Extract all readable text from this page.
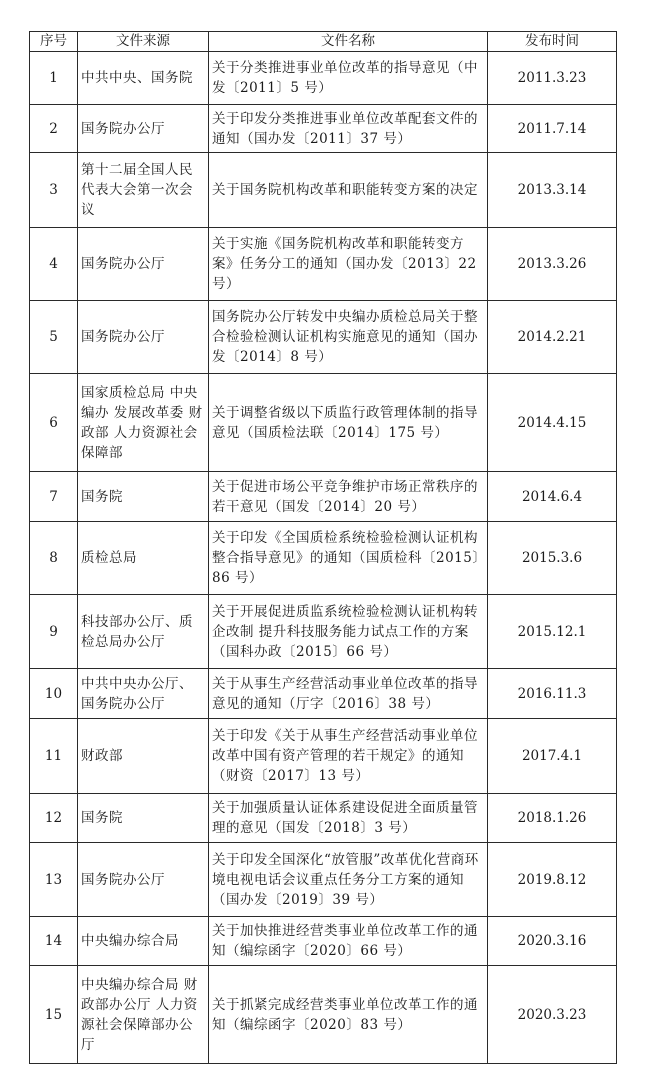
序号	文件来源	文件名称	发布时间
1	中共中央、国务院	关于分类推进事业单位改革的指导意见（中发〔2011〕5 号）	2011.3.23
2	国务院办公厅	关于印发分类推进事业单位改革配套文件的通知（国办发〔2011〕37 号）	2011.7.14
3	第十二届全国人民代表大会第一次会议	关于国务院机构改革和职能转变方案的决定	2013.3.14
4	国务院办公厅	关于实施《国务院机构改革和职能转变方案》任务分工的通知（国办发〔2013〕22 号）	2013.3.26
5	国务院办公厅	国务院办公厅转发中央编办质检总局关于整合检验检测认证机构实施意见的通知（国办发〔2014〕8 号）	2014.2.21
6	国家质检总局 中央编办 发展改革委 财政部 人力资源社会保障部	关于调整省级以下质监行政管理体制的指导意见（国质检法联〔2014〕175 号）	2014.4.15
7	国务院	关于促进市场公平竞争维护市场正常秩序的若干意见（国发〔2014〕20 号）	2014.6.4
8	质检总局	关于印发《全国质检系统检验检测认证机构整合指导意见》的通知（国质检科〔2015〕86 号）	2015.3.6
9	科技部办公厅、质检总局办公厅	关于开展促进质监系统检验检测认证机构转企改制 提升科技服务能力试点工作的方案（国科办政〔2015〕66 号）	2015.12.1
10	中共中央办公厅、国务院办公厅	关于从事生产经营活动事业单位改革的指导意见的通知（厅字〔2016〕38 号）	2016.11.3
11	财政部	关于印发《关于从事生产经营活动事业单位改革中国有资产管理的若干规定》的通知（财资〔2017〕13 号）	2017.4.1
12	国务院	关于加强质量认证体系建设促进全面质量管理的意见（国发〔2018〕3 号）	2018.1.26
13	国务院办公厅	关于印发全国深化“放管服”改革优化营商环境电视电话会议重点任务分工方案的通知（国办发〔2019〕39 号）	2019.8.12
14	中央编办综合局	关于加快推进经营类事业单位改革工作的通知（编综函字〔2020〕66 号）	2020.3.16
15	中央编办综合局 财政部办公厅 人力资源社会保障部办公厅	关于抓紧完成经营类事业单位改革工作的通知（编综函字〔2020〕83 号）	2020.3.23
